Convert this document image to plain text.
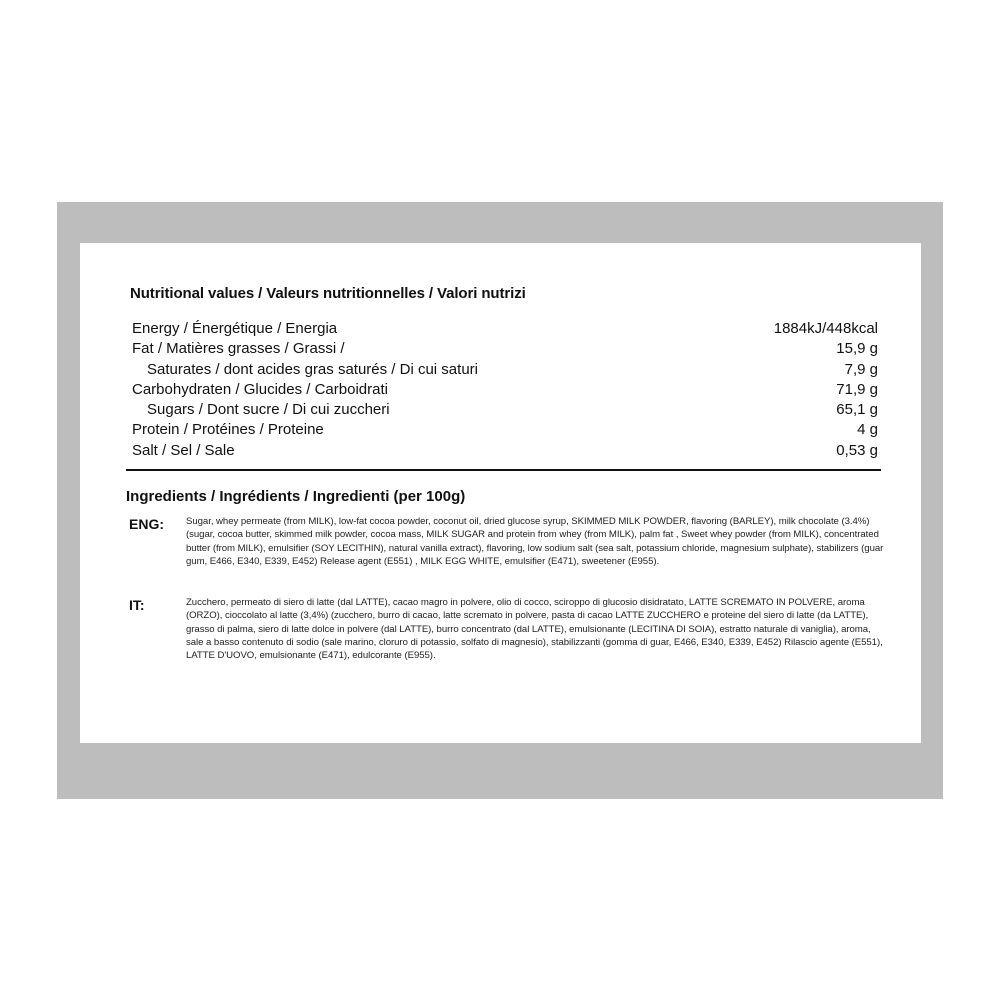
Nutritional values / Valeurs nutritionnelles / Valori nutrizi
Energy / Énergétique / Energia	1884kJ/448kcal
Fat / Matières grasses / Grassi /	15,9 g
Saturates / dont acides gras saturés / Di cui saturi	7,9 g
Carbohydraten / Glucides / Carboidrati	71,9 g
Sugars / Dont sucre / Di cui zuccheri	65,1 g
Protein / Protéines / Proteine	4 g
Salt / Sel / Sale	0,53 g
Ingredients / Ingrédients / Ingredienti (per 100g)
ENG:	Sugar, whey permeate (from MILK), low-fat cocoa powder, coconut oil, dried glucose syrup, SKIMMED MILK POWDER, flavoring (BARLEY), milk chocolate (3.4%) (sugar, cocoa butter, skimmed milk powder, cocoa mass, MILK SUGAR and protein from whey (from MILK), palm fat , Sweet whey powder (from MILK), concentrated butter (from MILK), emulsifier (SOY LECITHIN), natural vanilla extract), flavoring, low sodium salt (sea salt, potassium chloride, magnesium sulphate), stabilizers (guar gum, E466, E340, E339, E452) Release agent (E551) , MILK EGG WHITE, emulsifier (E471), sweetener (E955).
IT:	Zucchero, permeato di siero di latte (dal LATTE), cacao magro in polvere, olio di cocco, sciroppo di glucosio disidratato, LATTE SCREMATO IN POLVERE, aroma (ORZO), cioccolato al latte (3,4%) (zucchero, burro di cacao, latte scremato in polvere, pasta di cacao LATTE ZUCCHERO e proteine del siero di latte (da LATTE), grasso di palma, siero di latte dolce in polvere (dal LATTE), burro concentrato (dal LATTE), emulsionante (LECITINA DI SOIA), estratto naturale di vaniglia), aroma, sale a basso contenuto di sodio (sale marino, cloruro di potassio, solfato di magnesio), stabilizzanti (gomma di guar, E466, E340, E339, E452) Rilascio agente (E551), LATTE D'UOVO, emulsionante (E471), edulcorante (E955).
